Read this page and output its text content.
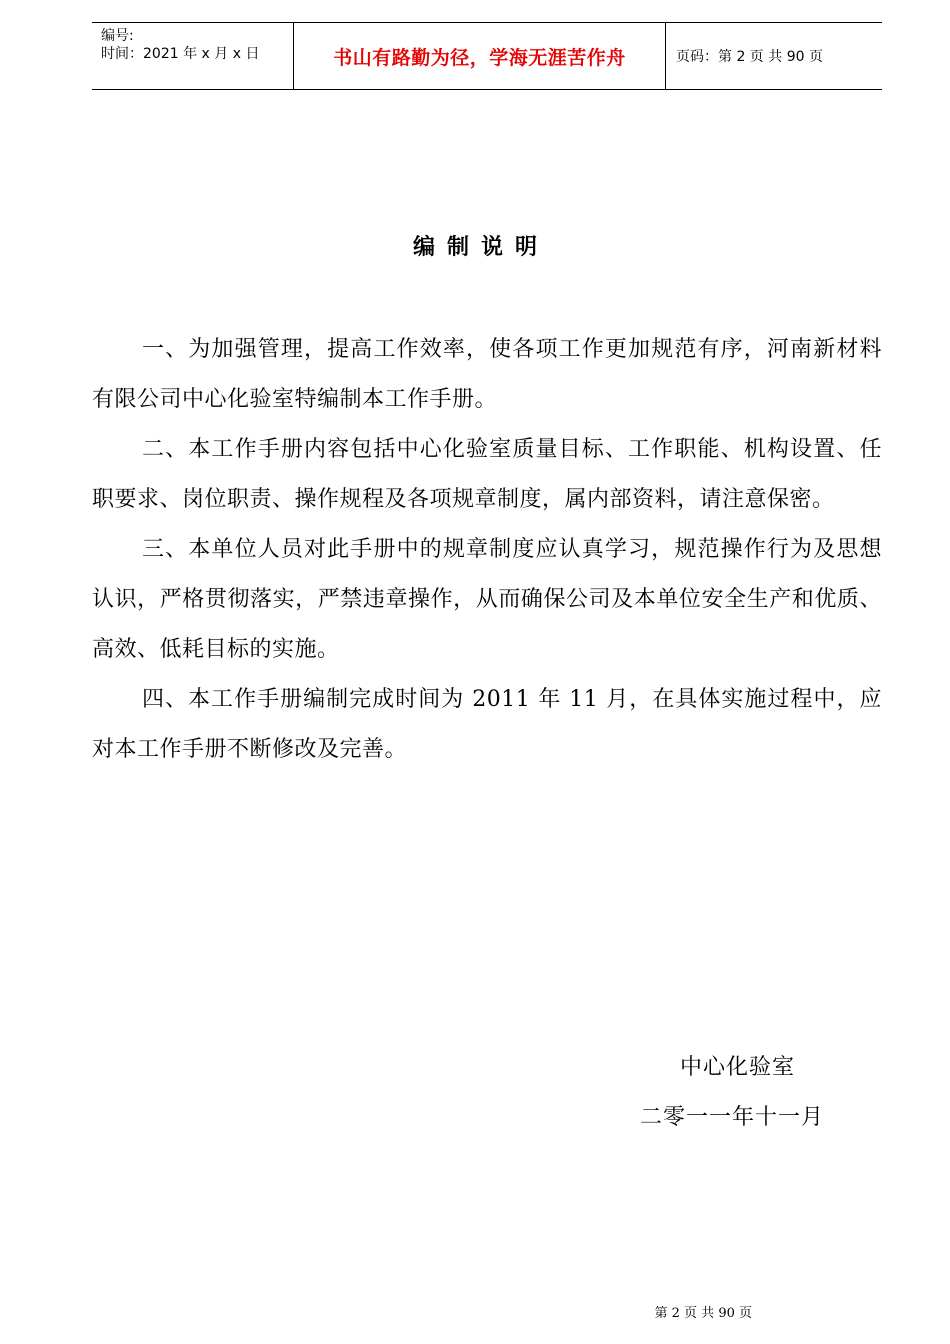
编号:
时间：2021 年 x 月 x 日	书山有路勤为径，学海无涯苦作舟	页码：第 2 页 共 90 页
编制说明

一、为加强管理，提高工作效率，使各项工作更加规范有序，河南新材料有限公司中心化验室特编制本工作手册。

二、本工作手册内容包括中心化验室质量目标、工作职能、机构设置、任职要求、岗位职责、操作规程及各项规章制度，属内部资料，请注意保密。

三、本单位人员对此手册中的规章制度应认真学习，规范操作行为及思想认识，严格贯彻落实，严禁违章操作，从而确保公司及本单位安全生产和优质、高效、低耗目标的实施。

四、本工作手册编制完成时间为 2011 年 11 月，在具体实施过程中，应对本工作手册不断修改及完善。

中心化验室
二零一一年十一月
第 2 页 共 90 页
